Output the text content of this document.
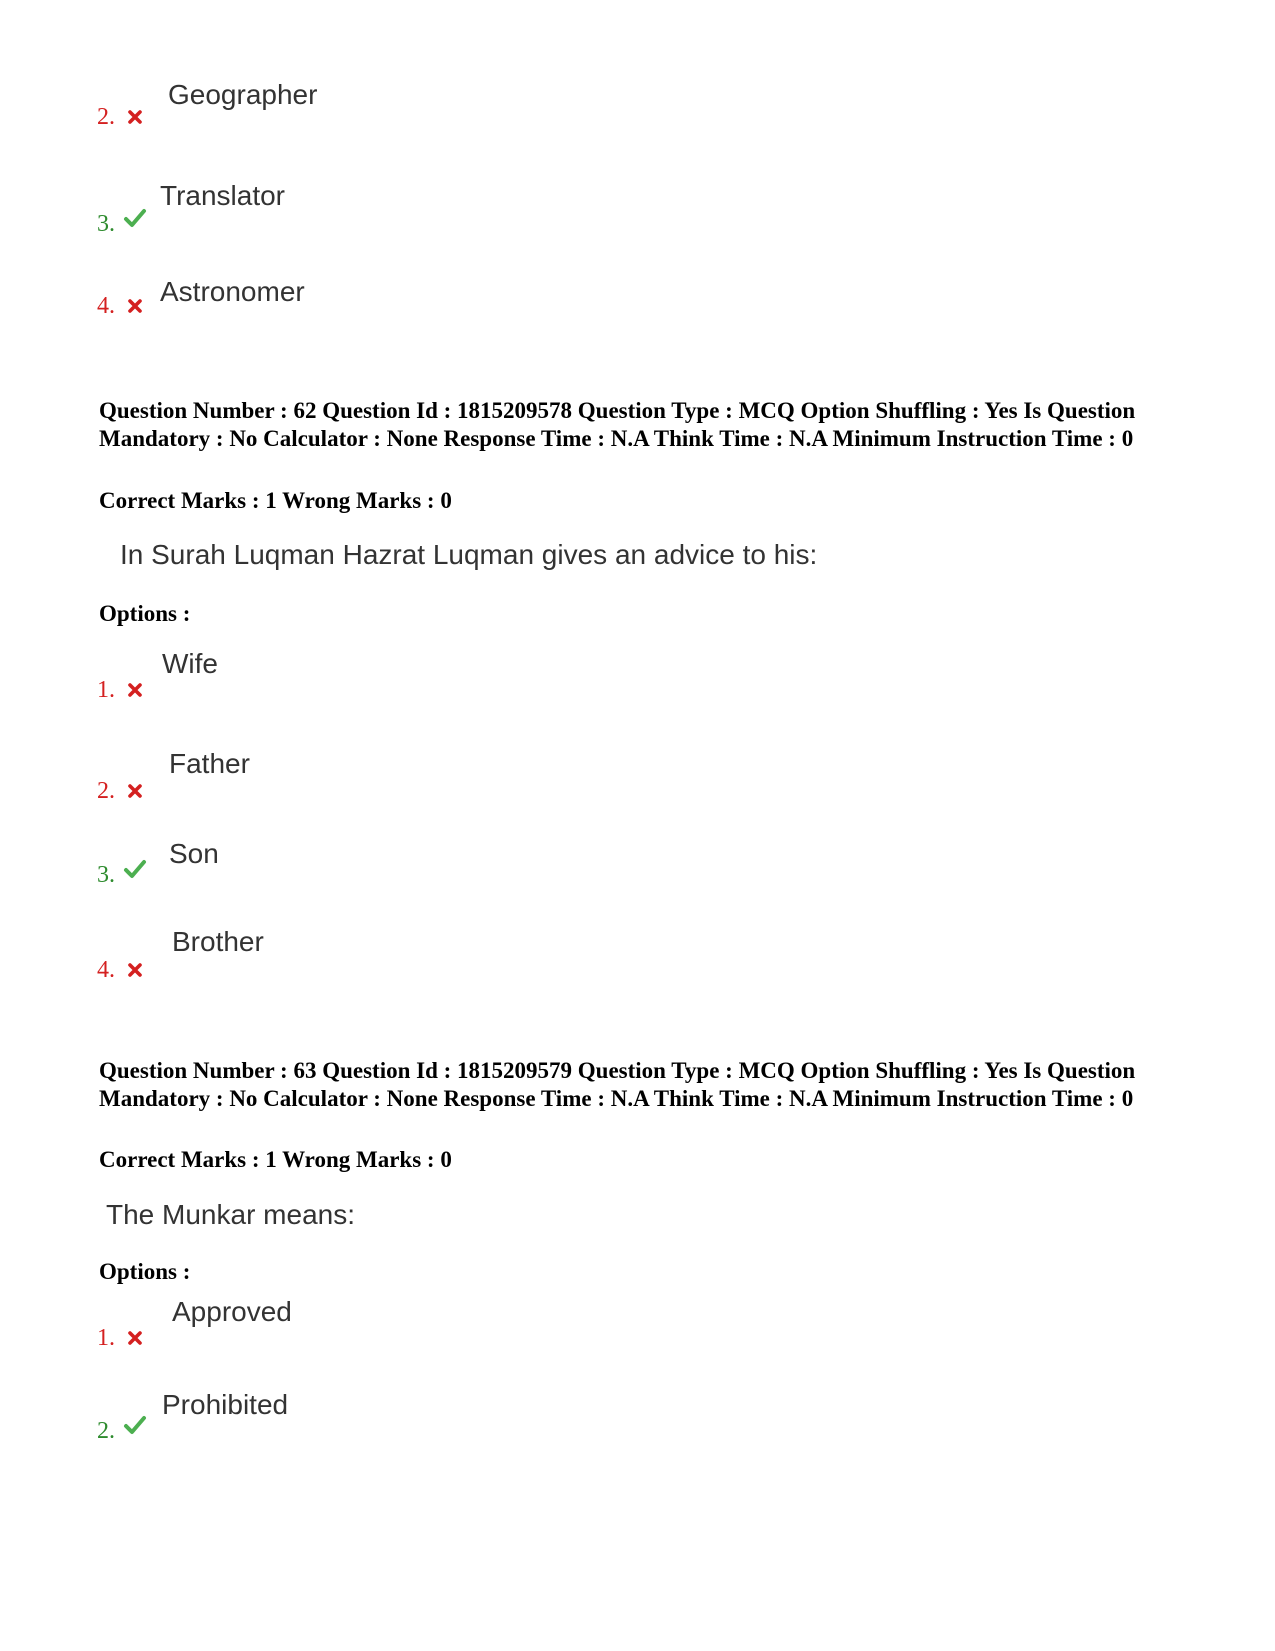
2.
Geographer
3.
Translator
4. Astronomer
Question Number : 62 Question Id : 1815209578 Question Type : MCQ Option Shuffling : Yes Is Question Mandatory : No Calculator : None Response Time : N.A Think Time : N.A Minimum Instruction Time : 0
Correct Marks : 1 Wrong Marks : 0
In Surah Luqman Hazrat Luqman gives an advice to his:
Options :
1.
Wife
2.
Father
3.
Son
4.
Brother
Question Number : 63 Question Id : 1815209579 Question Type : MCQ Option Shuffling : Yes Is Question Mandatory : No Calculator : None Response Time : N.A Think Time : N.A Minimum Instruction Time : 0
Correct Marks : 1 Wrong Marks : 0
The Munkar means:
Options :
1.
Approved
2.
Prohibited
